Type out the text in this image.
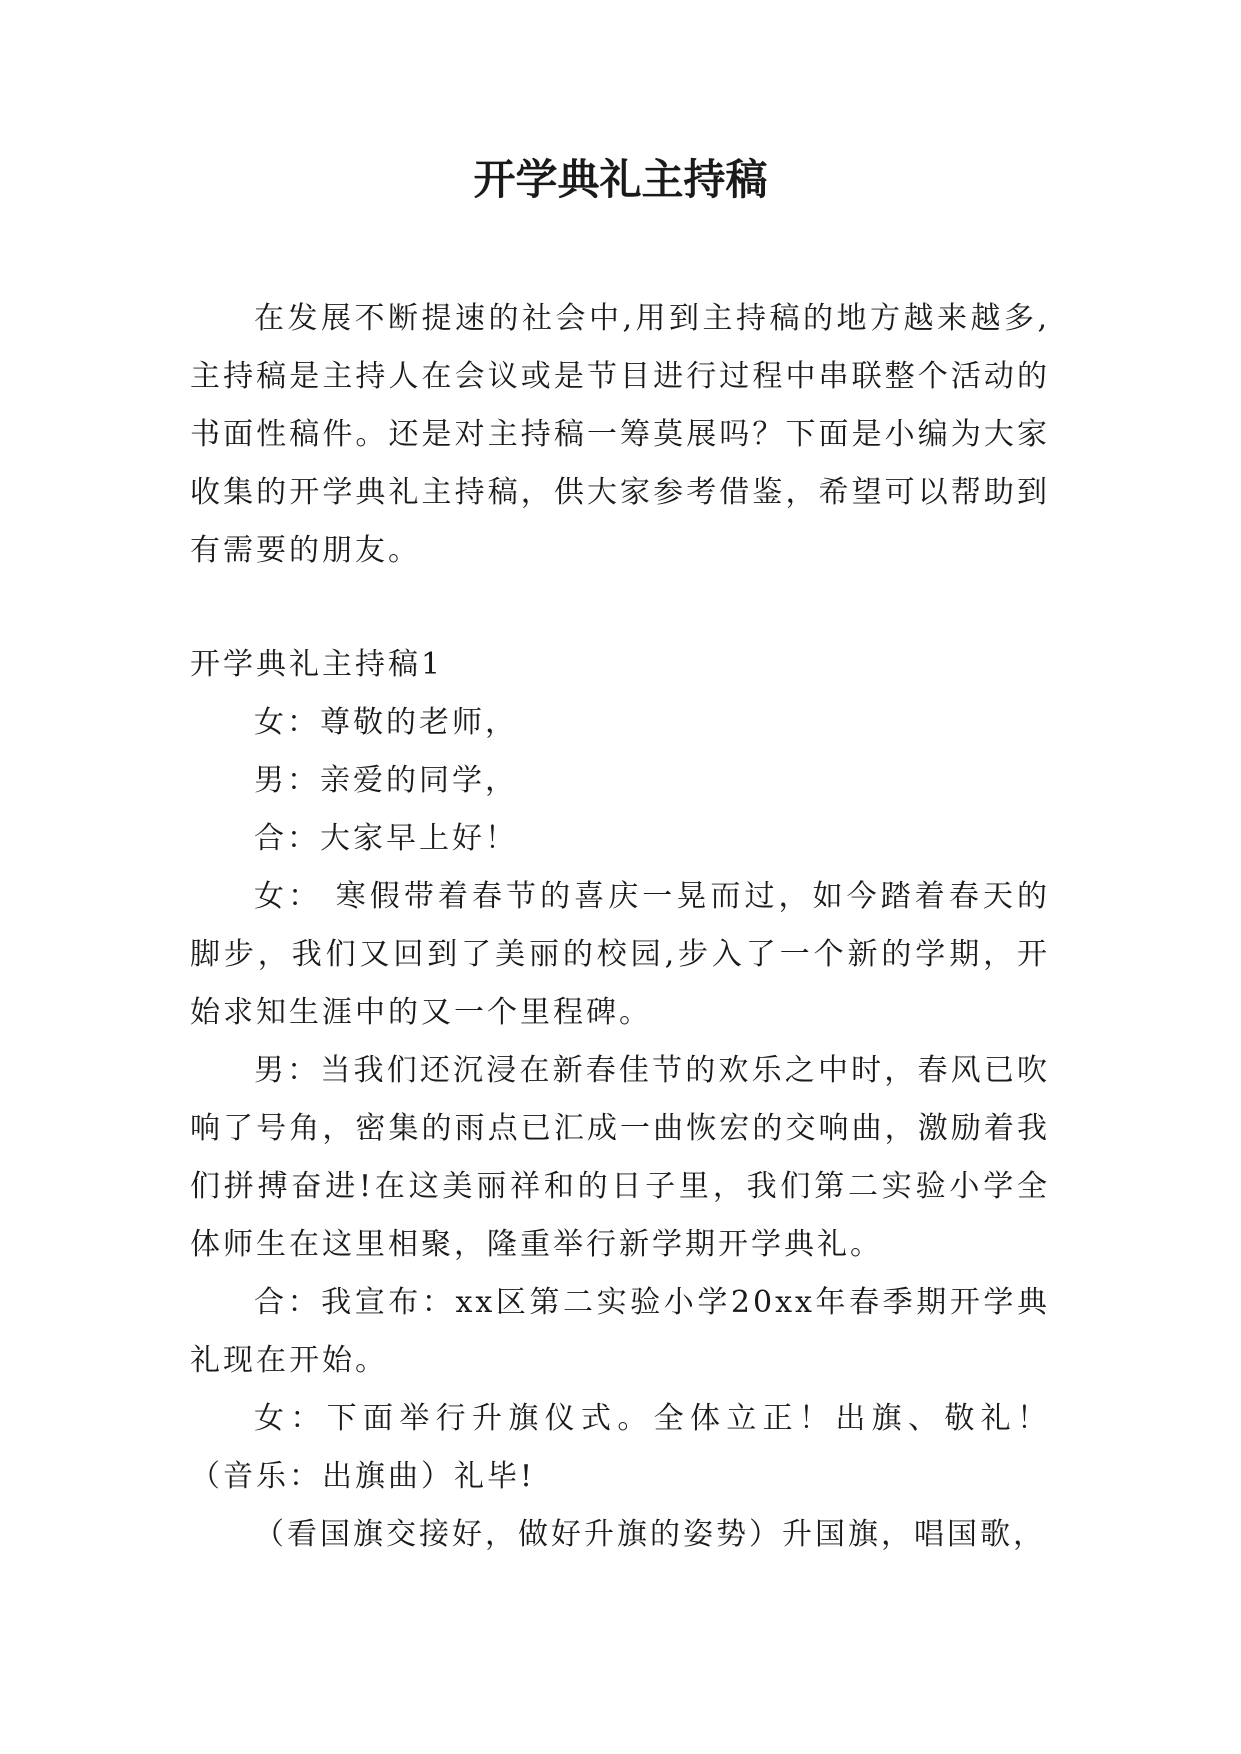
开学典礼主持稿

在发展不断提速的社会中,用到主持稿的地方越来越多,主持稿是主持人在会议或是节目进行过程中串联整个活动的书面性稿件。还是对主持稿一筹莫展吗？下面是小编为大家收集的开学典礼主持稿，供大家参考借鉴，希望可以帮助到有需要的朋友。

开学典礼主持稿1

女：尊敬的老师，

男：亲爱的同学，

合：大家早上好！

女： 寒假带着春节的喜庆一晃而过，如今踏着春天的脚步，我们又回到了美丽的校园,步入了一个新的学期，开始求知生涯中的又一个里程碑。

男：当我们还沉浸在新春佳节的欢乐之中时，春风已吹响了号角，密集的雨点已汇成一曲恢宏的交响曲，激励着我们拼搏奋进!在这美丽祥和的日子里，我们第二实验小学全体师生在这里相聚，隆重举行新学期开学典礼。

合：我宣布：xx区第二实验小学20xx年春季期开学典礼现在开始。

女：下面举行升旗仪式。全体立正！出旗、敬礼！ （音乐：出旗曲）礼毕!

（看国旗交接好，做好升旗的姿势）升国旗，唱国歌，
